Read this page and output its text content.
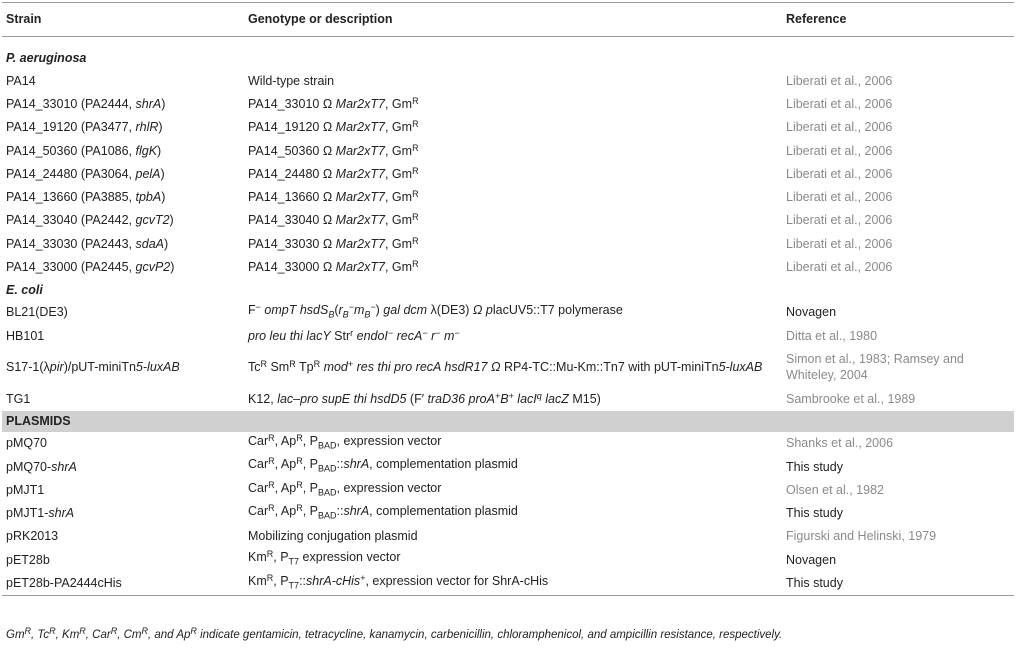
Strain	Genotype or description	Reference
P. aeruginosa		
PA14	Wild-type strain	Liberati et al., 2006
PA14_33010 (PA2444, shrA)	PA14_33010 Ω Mar2xT7, $Gm^R$	Liberati et al., 2006
PA14_19120 (PA3477, rhlR)	PA14_19120 Ω Mar2xT7, $Gm^R$	Liberati et al., 2006
PA14_50360 (PA1086, flgK)	PA14_50360 Ω Mar2xT7, $Gm^R$	Liberati et al., 2006
PA14_24480 (PA3064, pelA)	PA14_24480 Ω Mar2xT7, $Gm^R$	Liberati et al., 2006
PA14_13660 (PA3885, tpbA)	PA14_13660 Ω Mar2xT7, $Gm^R$	Liberati et al., 2006
PA14_33040 (PA2442, gcvT2)	PA14_33040 Ω Mar2xT7, $Gm^R$	Liberati et al., 2006
PA14_33030 (PA2443, sdaA)	PA14_33030 Ω Mar2xT7, $Gm^R$	Liberati et al., 2006
PA14_33000 (PA2445, gcvP2)	PA14_33000 Ω Mar2xT7, $Gm^R$	Liberati et al., 2006
E. coli		
BL21(DE3)	F− ompT $hsdS_B(r_B^-m_B^-)$ gal dcm λ(DE3) Ω placUV5::T7 polymerase	Novagen
HB101	pro leu thi lacY Str$^r$ endoI− recA− r− m−	Ditta et al., 1980
S17-1(λpir)/pUT-miniTn5-luxAB	$Tc^R$ $Sm^R$ $Tp^R$ mod+ res thi pro recA hsdR17 Ω RP4-TC::Mu-Km::Tn7 with pUT-miniTn5-luxAB	Simon et al., 1983; Ramsey and Whiteley, 2004
TG1	K12, lac–pro supE thi hsdD5 (F′ traD36 proA+B+ lacI$^q$ lacZ M15)	Sambrooke et al., 1989
PLASMIDS		
pMQ70	Car$^R$, $Ap^R$, $P_{BAD}$, expression vector	Shanks et al., 2006
pMQ70-shrA	Car$^R$, $Ap^R$, $P_{BAD}::shrA$, complementation plasmid	This study
pMJT1	Car$^R$, $Ap^R$, $P_{BAD}$, expression vector	Olsen et al., 1982
pMJT1-shrA	Car$^R$, $Ap^R$, $P_{BAD}::shrA$, complementation plasmid	This study
pRK2013	Mobilizing conjugation plasmid	Figurski and Helinski, 1979
pET28b	$Km^R$, $P_{T7}$ expression vector	Novagen
pET28b-PA2444cHis	$Km^R$, $P_{T7}::shrA-cHis^+$, expression vector for ShrA-cHis	This study
$Gm^R$, $Tc^R$, $Km^R$, Car$^R$, $Cm^R$, and $Ap^R$ indicate gentamicin, tetracycline, kanamycin, carbenicillin, chloramphenicol, and ampicillin resistance, respectively.
